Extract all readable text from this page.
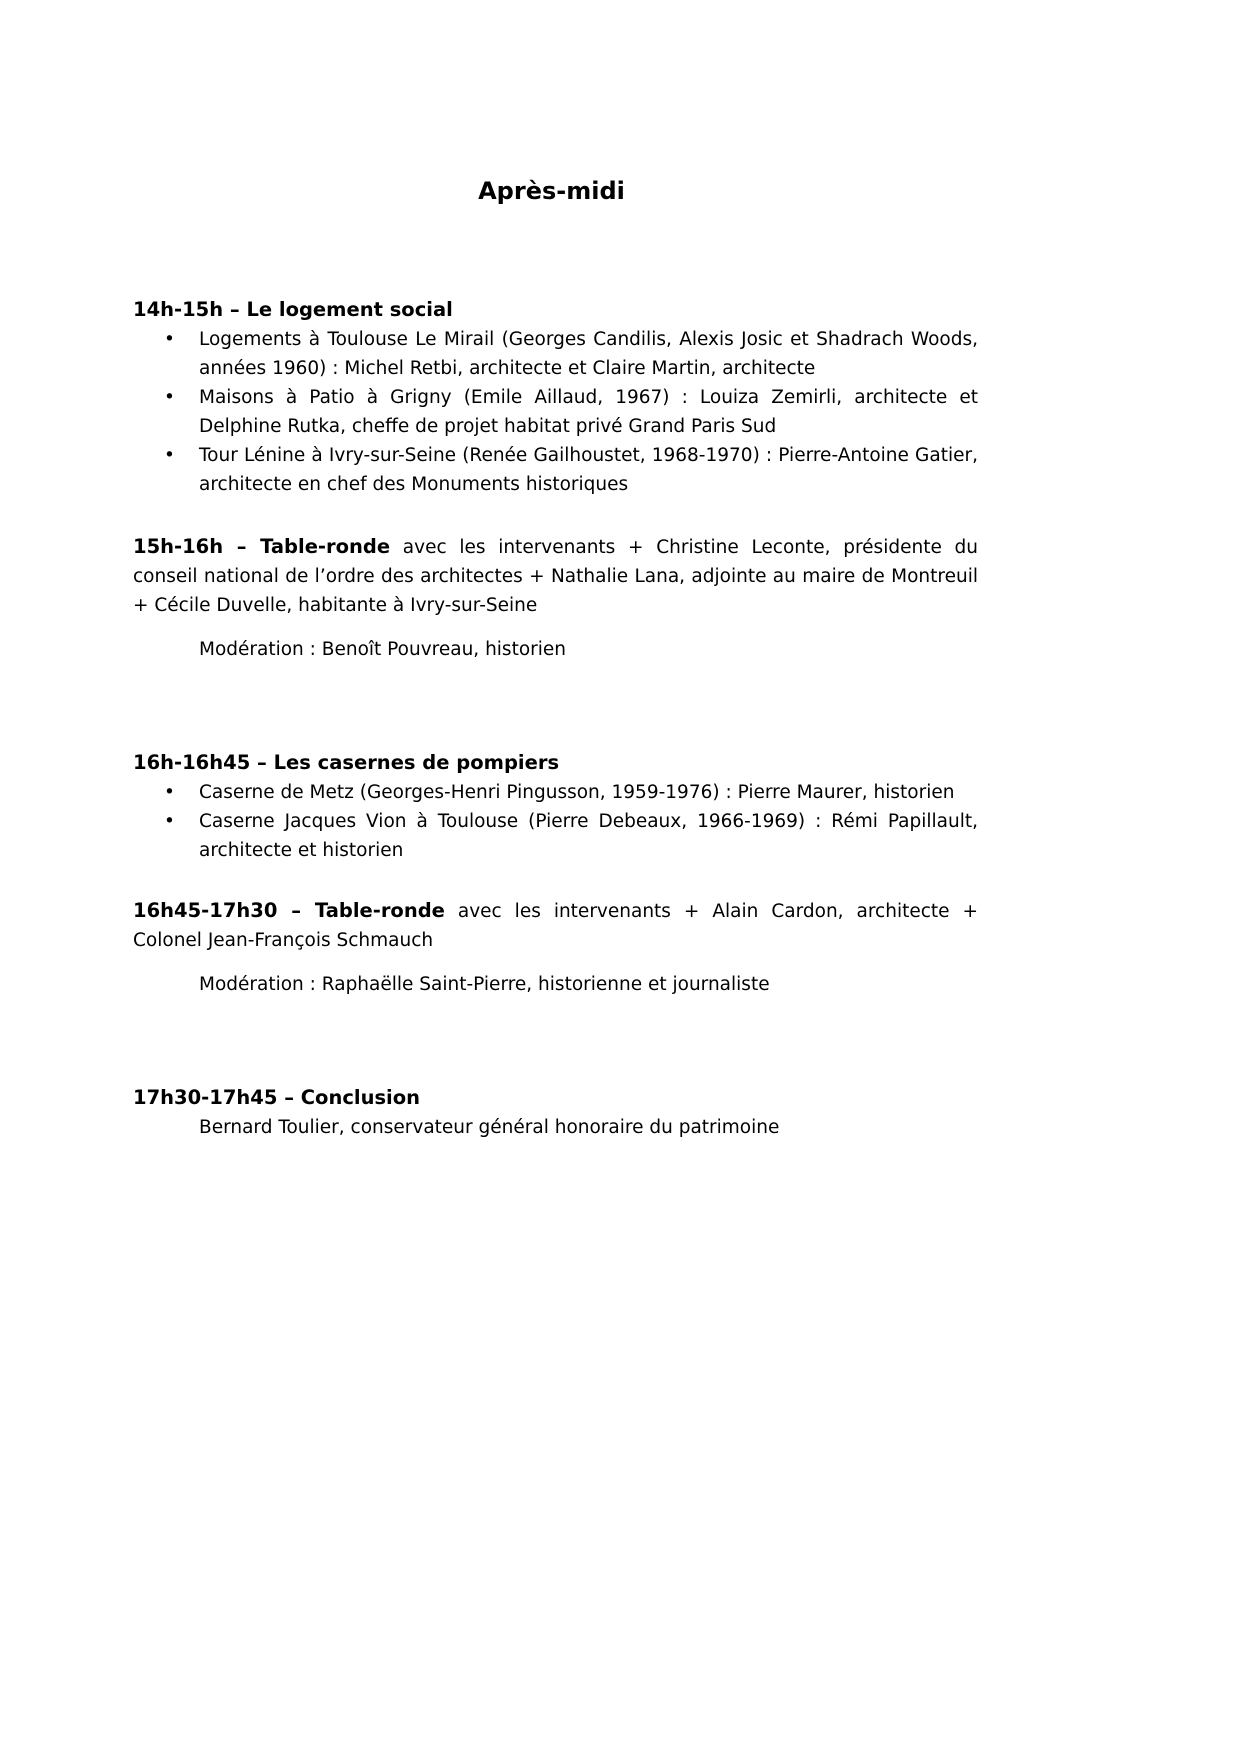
Après-midi
14h-15h – Le logement social
• Logements à Toulouse Le Mirail (Georges Candilis, Alexis Josic et Shadrach Woods, années 1960) : Michel Retbi, architecte et Claire Martin, architecte
• Maisons à Patio à Grigny (Emile Aillaud, 1967) : Louiza Zemirli, architecte et Delphine Rutka, cheffe de projet habitat privé Grand Paris Sud
• Tour Lénine à Ivry-sur-Seine (Renée Gailhoustet, 1968-1970) : Pierre-Antoine Gatier, architecte en chef des Monuments historiques
15h-16h – Table-ronde avec les intervenants + Christine Leconte, présidente du conseil national de l’ordre des architectes + Nathalie Lana, adjointe au maire de Montreuil + Cécile Duvelle, habitante à Ivry-sur-Seine
Modération : Benoît Pouvreau, historien
16h-16h45 – Les casernes de pompiers
• Caserne de Metz (Georges-Henri Pingusson, 1959-1976) : Pierre Maurer, historien
• Caserne Jacques Vion à Toulouse (Pierre Debeaux, 1966-1969) : Rémi Papillault, architecte et historien
16h45-17h30 – Table-ronde avec les intervenants + Alain Cardon, architecte + Colonel Jean-François Schmauch
Modération : Raphaëlle Saint-Pierre, historienne et journaliste
17h30-17h45 – Conclusion
Bernard Toulier, conservateur général honoraire du patrimoine
